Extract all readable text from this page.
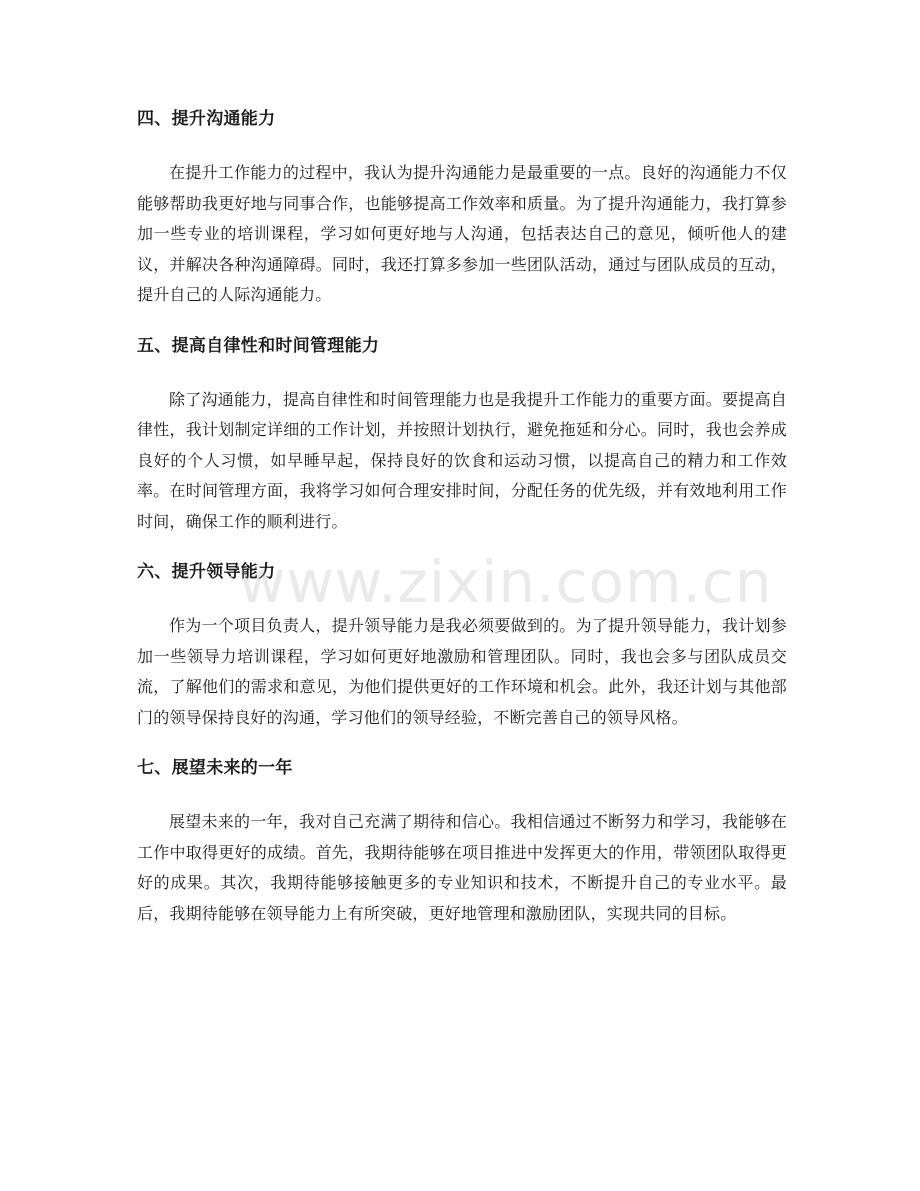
四、提升沟通能力

在提升工作能力的过程中，我认为提升沟通能力是最重要的一点。良好的沟通能力不仅能够帮助我更好地与同事合作，也能够提高工作效率和质量。为了提升沟通能力，我打算参加一些专业的培训课程，学习如何更好地与人沟通，包括表达自己的意见，倾听他人的建议，并解决各种沟通障碍。同时，我还打算多参加一些团队活动，通过与团队成员的互动，提升自己的人际沟通能力。

五、提高自律性和时间管理能力

除了沟通能力，提高自律性和时间管理能力也是我提升工作能力的重要方面。要提高自律性，我计划制定详细的工作计划，并按照计划执行，避免拖延和分心。同时，我也会养成良好的个人习惯，如早睡早起，保持良好的饮食和运动习惯，以提高自己的精力和工作效率。在时间管理方面，我将学习如何合理安排时间，分配任务的优先级，并有效地利用工作时间，确保工作的顺利进行。

六、提升领导能力

作为一个项目负责人，提升领导能力是我必须要做到的。为了提升领导能力，我计划参加一些领导力培训课程，学习如何更好地激励和管理团队。同时，我也会多与团队成员交流，了解他们的需求和意见，为他们提供更好的工作环境和机会。此外，我还计划与其他部门的领导保持良好的沟通，学习他们的领导经验，不断完善自己的领导风格。

七、展望未来的一年

展望未来的一年，我对自己充满了期待和信心。我相信通过不断努力和学习，我能够在工作中取得更好的成绩。首先，我期待能够在项目推进中发挥更大的作用，带领团队取得更好的成果。其次，我期待能够接触更多的专业知识和技术，不断提升自己的专业水平。最后，我期待能够在领导能力上有所突破，更好地管理和激励团队，实现共同的目标。

www.zixin.com.cn
